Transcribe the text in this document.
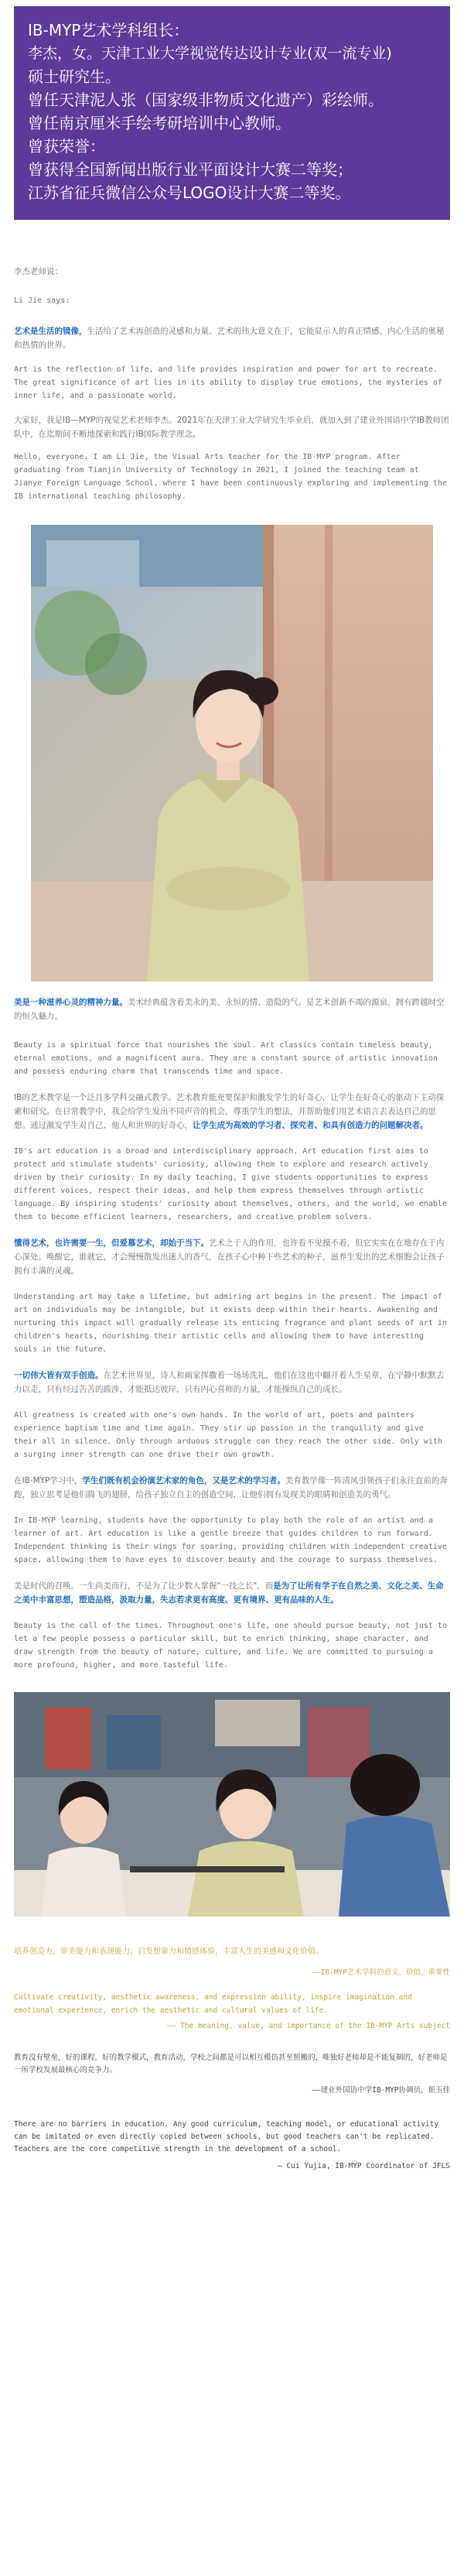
IB-MYP艺术学科组长：
李杰，女。天津工业大学视觉传达设计专业(双一流专业)
硕士研究生。
曾任天津泥人张（国家级非物质文化遗产）彩绘师。
曾任南京厘米手绘考研培训中心教师。
曾获荣誉：
曾获得全国新闻出版行业平面设计大赛二等奖；
江苏省征兵微信公众号LOGO设计大赛二等奖。

李杰老师说：

Li Jie says:

艺术是生活的镜像，生活给了艺术再创造的灵感和力量。艺术的伟大意义在于，它能显示人的真正情感、内心生活的奥秘和热情的世界。

Art is the reflection of life, and life provides inspiration and power for art to recreate. The great significance of art lies in its ability to display true emotions, the mysteries of inner life, and a passionate world.

大家好，我是IB—MYP的视觉艺术老师李杰。2021年在天津工业大学研究生毕业后，就加入到了建业外国语中学IB教师团队中，在迄期间不断地探索和践行IB国际教学理念。

Hello, everyone. I am Li Jie, the Visual Arts teacher for the IB-MYP program. After graduating from Tianjin University of Technology in 2021, I joined the teaching team at Jianye Foreign Language School, where I have been continuously exploring and implementing the IB international teaching philosophy.

美是一种滋养心灵的精神力量。美术经典蕴含着美永的美、永恒的情、造隐的气。是艺术创新不竭的源泉，拥有跨越时空的恒久魅力。

Beauty is a spiritual force that nourishes the soul. Art classics contain timeless beauty, eternal emotions, and a magnificent aura. They are a constant source of artistic innovation and possess enduring charm that transcends time and space.

IB的艺术教学是一个泛且多学科交融式教学。艺术教育能充要保护和激发学生的好奇心，让学生在好奇心的驱动下主动探索和研究。在日常教学中，我会给学生发出不同声音的机会，尊重学生的想法，并帮助他们用艺术语言去表达自己的思想。通过激发学生对自己、他人和世界的好奇心，让学生成为高效的学习者、探究者、和具有创造力的问题解决者。

IB's art education is a broad and interdisciplinary approach. Art education first aims to protect and stimulate students' curiosity, allowing them to explore and research actively driven by their curiosity. In my daily teaching, I give students opportunities to express different voices, respect their ideas, and help them express themselves through artistic language. By inspiring students' curiosity about themselves, others, and the world, we enable them to become efficient learners, researchers, and creative problem solvers.

懂得艺术，也许需要一生，但爱慕艺术，却始于当下。艺术之于人的作用，也许看不见摸不着，但它实实在在地存在于内心深处。唤醒它，谁就它，才会慢慢散发出迷人的香气，在孩子心中种下些艺术的种子，滋养生发出的艺术细胞会让孩子拥有丰满的灵魂。

Understanding art may take a lifetime, but admiring art begins in the present. The impact of art on individuals may be intangible, but it exists deep within their hearts. Awakening and nurturing this impact will gradually release its enticing fragrance and plant seeds of art in children's hearts, nourishing their artistic cells and allowing them to have interesting souls in the future.

一切伟大皆有双手创造。在艺术世界里，诗人和画家挥撒着一场场洗礼，他们在这也中翻开着人生星章，在宁静中默默去力以走，只有经过苦苦的跋涉，才能抵达彼岸，只有内心喜师的力量，才能操纵自己的成长。

All greatness is created with one's own hands. In the world of art, poets and painters experience baptism time and time again. They stir up passion in the tranquility and give their all in silence. Only through arduous struggle can they reach the other side. Only with a surging inner strength can one drive their own growth.

在IB-MYP学习中，学生们既有机会扮演艺术家的角色，又是艺术的学习者。美育教学像一阵清风引领孩子们永往直前的奔跑，独立思考是他们腾飞的翅膀，给孩子独立自主的创造空间，让他们拥有发现美的眼睛和创造美的勇气。

In IB-MYP learning, students have the opportunity to play both the role of an artist and a learner of art. Art education is like a gentle breeze that guides children to run forward. Independent thinking is their wings for soaring, providing children with independent creative space, allowing them to have eyes to discover beauty and the courage to surpass themselves.

美是时代的召唤。一生尚美而行，不是为了让少数人掌握"一技之长"，而是为了让所有学子在自然之美、文化之美、生命之美中丰富思想，塑造品格，汲取力量，失志若求更有高度、更有境界、更有品味的人生。

Beauty is the call of the times. Throughout one's life, one should pursue beauty, not just to let a few people possess a particular skill, but to enrich thinking, shape character, and draw strength from the beauty of nature, culture, and life. We are committed to pursuing a more profound, higher, and more tasteful life.

培养创造力，审美能力和表现能力，启发想象力和情感体验，丰富人生的美感和文化价值。

——IB-MYP艺术学科的意义、价值、重要性

Cultivate creativity, aesthetic awareness, and expression ability, inspire imagination and emotional experience, enrich the aesthetic and cultural values of life.

—— The meaning, value, and importance of the IB-MYP Arts subject

教育没有壁垒，好的课程，好的教学模式，教育活动，学校之间都是可以相互模仿甚至照搬的，唯独好老师却是不能复制的，好老师是一所学校发展最核心的竞争力。

——建业外国语中学IB-MYP协调员，崔玉佳

There are no barriers in education. Any good curriculum, teaching model, or educational activity can be imitated or even directly copied between schools, but good teachers can't be replicated. Teachers are the core competitive strength in the development of a school.

— Cui Yujia, IB-MYP Coordinator of JFLS
